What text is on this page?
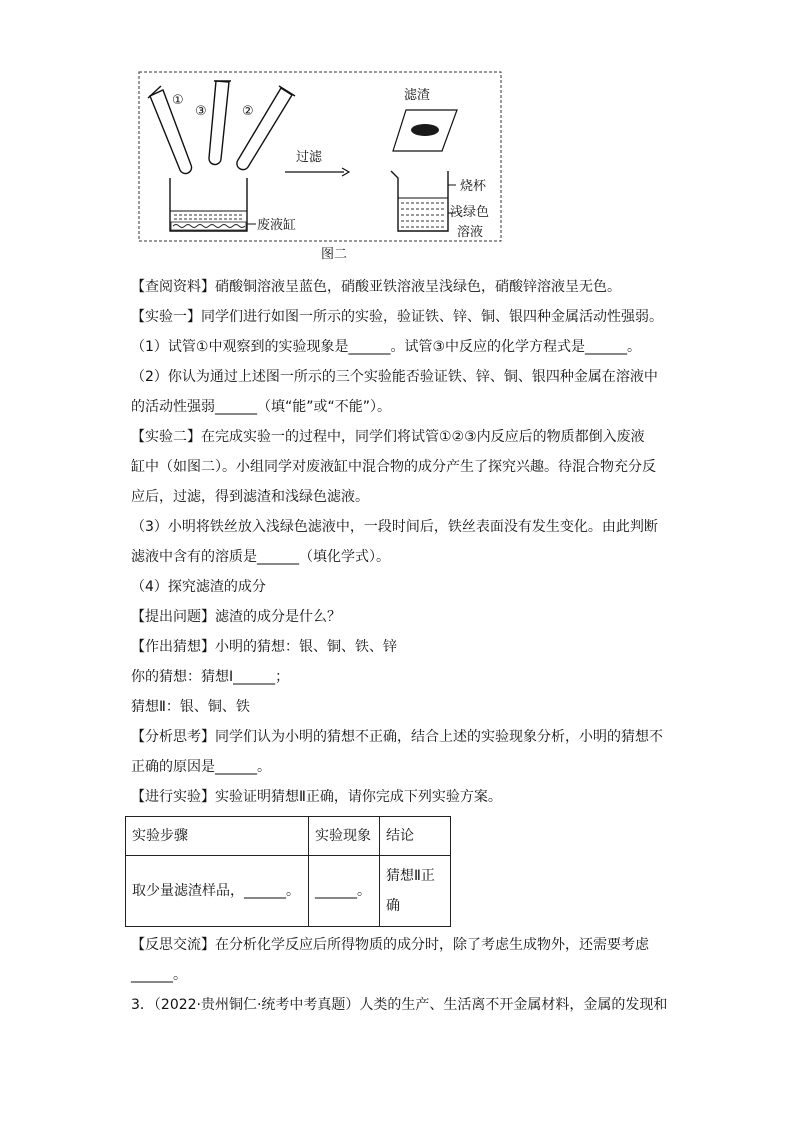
①
③	②
废液缸
过滤
滤渣
烧杯
浅绿色
溶液
图二

【查阅资料】硝酸铜溶液呈蓝色，硝酸亚铁溶液呈浅绿色，硝酸锌溶液呈无色。

【实验一】同学们进行如图一所示的实验，验证铁、锌、铜、银四种金属活动性强弱。

（1）试管①中观察到的实验现象是______。试管③中反应的化学方程式是______。

（2）你认为通过上述图一所示的三个实验能否验证铁、锌、铜、银四种金属在溶液中

的活动性强弱______（填“能”或“不能”）。

【实验二】在完成实验一的过程中，同学们将试管①②③内反应后的物质都倒入废液

缸中（如图二）。小组同学对废液缸中混合物的成分产生了探究兴趣。待混合物充分反

应后，过滤，得到滤渣和浅绿色滤液。

（3）小明将铁丝放入浅绿色滤液中，一段时间后，铁丝表面没有发生变化。由此判断

滤液中含有的溶质是______（填化学式）。

（4）探究滤渣的成分

【提出问题】滤渣的成分是什么？

【作出猜想】小明的猜想：银、铜、铁、锌

你的猜想：猜想Ⅰ______；

猜想Ⅱ：银、铜、铁

【分析思考】同学们认为小明的猜想不正确，结合上述的实验现象分析，小明的猜想不

正确的原因是______。

【进行实验】实验证明猜想Ⅱ正确，请你完成下列实验方案。

实验步骤	实验现象	结论
取少量滤渣样品，______。	______。	猜想Ⅱ正确

【反思交流】在分析化学反应后所得物质的成分时，除了考虑生成物外，还需要考虑

______。

3．（2022·贵州铜仁·统考中考真题）人类的生产、生活离不开金属材料，金属的发现和
